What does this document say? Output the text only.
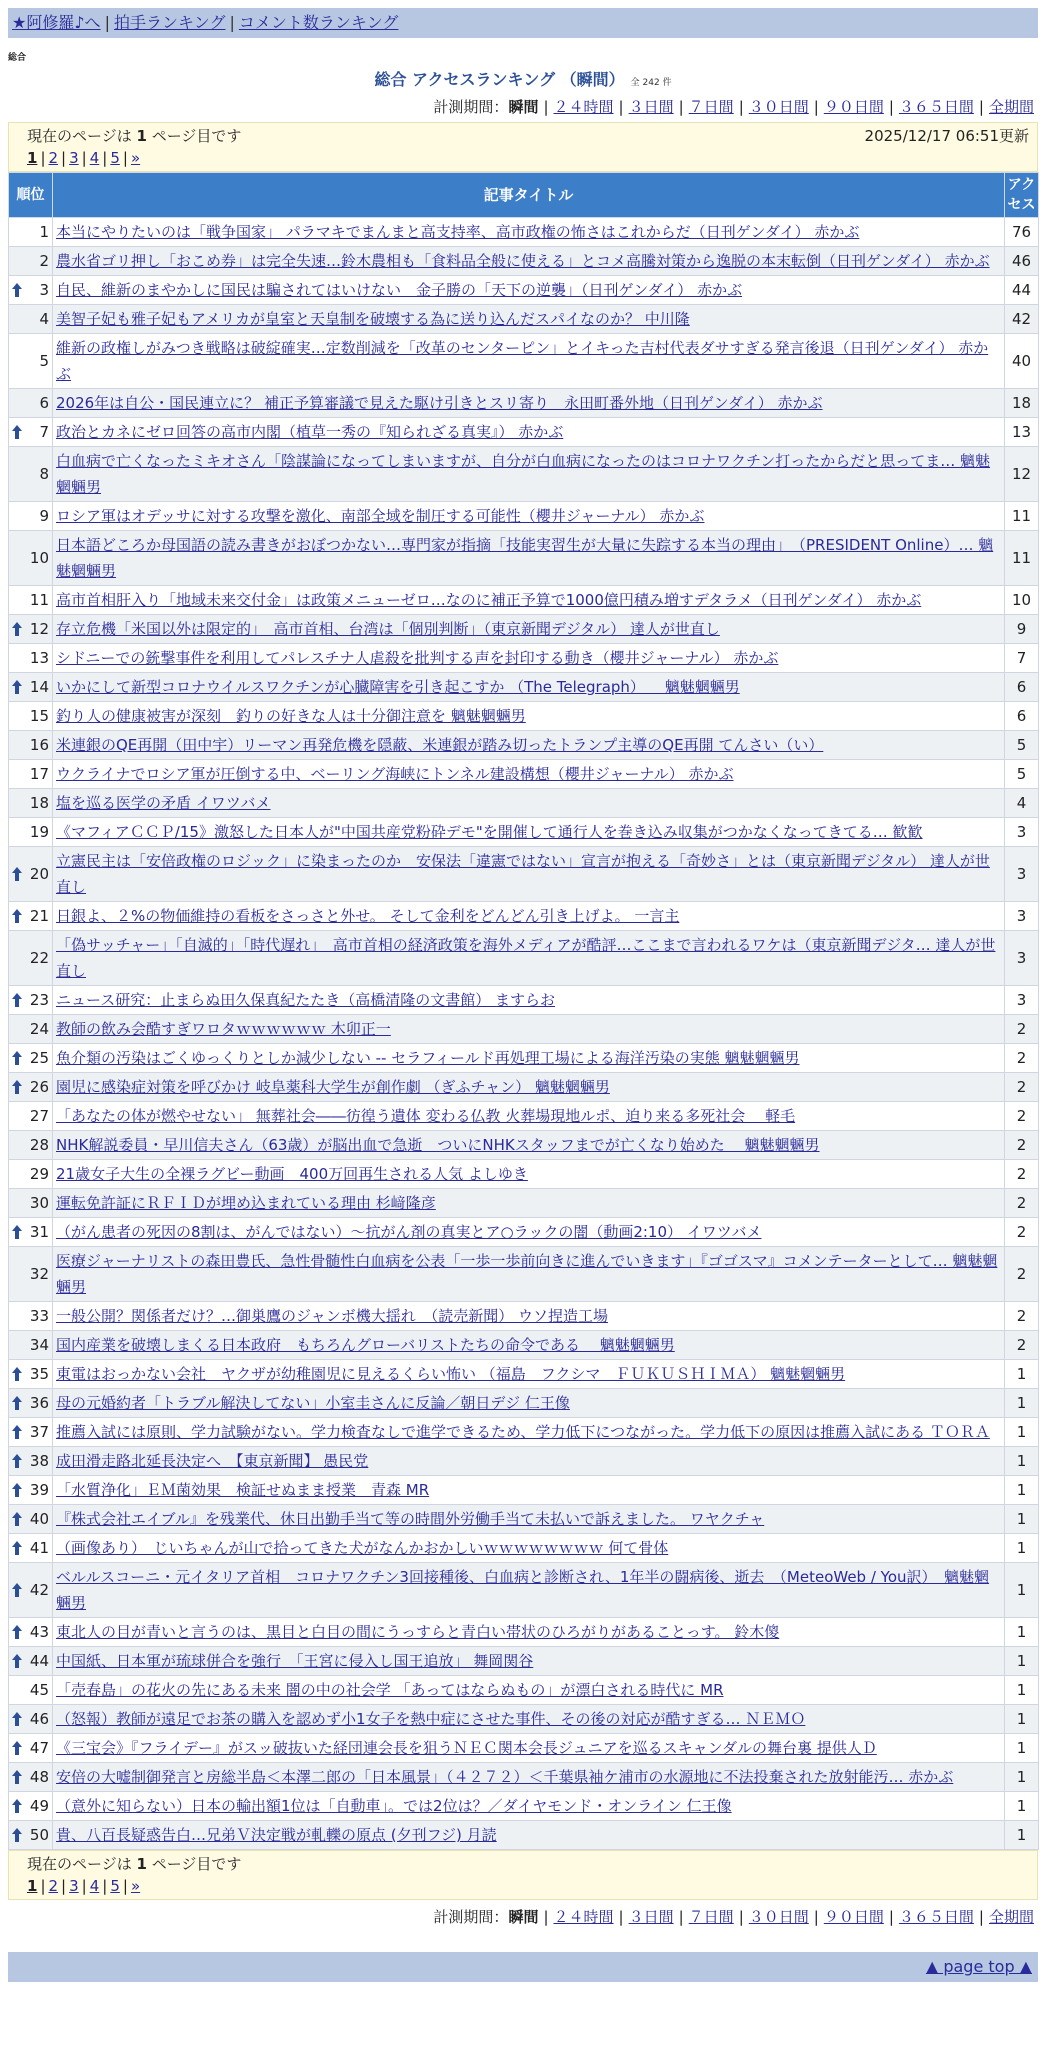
★阿修羅♪へ | 拍手ランキング | コメント数ランキング
総合
総合 アクセスランキング （瞬間） 全 242 件
計測期間：瞬間 | ２４時間 | ３日間 | ７日間 | ３０日間 | ９０日間 | ３６５日間 | 全期間
現在のページは 1 ページ目です	2025/12/17 06:51更新
1 | 2 | 3 | 4 | 5 | »
順位	記事タイトル	アクセス
1	本当にやりたいのは「戦争国家」 パラマキでまんまと高支持率、高市政権の怖さはこれからだ（日刊ゲンダイ） 赤かぶ	76
2	農水省ゴリ押し「おこめ券」は完全失速…鈴木農相も「食料品全般に使える」とコメ高騰対策から逸脱の本末転倒（日刊ゲンダイ） 赤かぶ	46

3	自民、維新のまやかしに国民は騙されてはいけない　金子勝の「天下の逆襲」（日刊ゲンダイ） 赤かぶ	44
4	美智子妃も雅子妃もアメリカが皇室と天皇制を破壊する為に送り込んだスパイなのか？ 中川隆	42
5	維新の政権しがみつき戦略は破綻確実…定数削減を「改革のセンターピン」とイキった吉村代表ダサすぎる発言後退（日刊ゲンダイ） 赤かぶ	40
6	2026年は自公・国民連立に？ 補正予算審議で見えた駆け引きとスリ寄り　永田町番外地（日刊ゲンダイ） 赤かぶ	18

7	政治とカネにゼロ回答の高市内閣（植草一秀の『知られざる真実』） 赤かぶ	13
8	白血病で亡くなったミキオさん「陰謀論になってしまいますが、自分が白血病になったのはコロナワクチン打ったからだと思ってま… 魑魅魍魎男	12
9	ロシア軍はオデッサに対する攻撃を激化、南部全域を制圧する可能性（櫻井ジャーナル） 赤かぶ	11
10	日本語どころか母国語の読み書きがおぼつかない…専門家が指摘「技能実習生が大量に失踪する本当の理由」　（PRESIDENT Online）… 魑魅魍魎男	11
11	高市首相肝入り「地域未来交付金」は政策メニューゼロ…なのに補正予算で1000億円積み増すデタラメ（日刊ゲンダイ） 赤かぶ	10

12	存立危機「米国以外は限定的」　高市首相、台湾は「個別判断」（東京新聞デジタル） 達人が世直し	9
13	シドニーでの銃撃事件を利用してパレスチナ人虐殺を批判する声を封印する動き（櫻井ジャーナル） 赤かぶ	7

14	いかにして新型コロナウイルスワクチンが心臓障害を引き起こすか （The Telegraph） 　魑魅魍魎男	6
15	釣り人の健康被害が深刻　釣りの好きな人は十分御注意を 魑魅魍魎男	6
16	米連銀のQE再開（田中宇）リーマン再発危機を隠蔽、米連銀が踏み切ったトランプ主導のQE再開 てんさい（い）	5
17	ウクライナでロシア軍が圧倒する中、ベーリング海峡にトンネル建設構想（櫻井ジャーナル） 赤かぶ	5
18	塩を巡る医学の矛盾 イワツバメ	4
19	《マフィアＣＣＰ/15》激怒した日本人が"中国共産党粉砕デモ"を開催して通行人を巻き込み収集がつかなくなってきてる… 歓歓	3

20	立憲民主は「安倍政権のロジック」に染まったのか　安保法「違憲ではない」宣言が抱える「奇妙さ」とは（東京新聞デジタル） 達人が世直し	3

21	日銀よ、２%の物価維持の看板をさっさと外せ。 そして金利をどんどん引き上げよ。 一言主	3
22	「偽サッチャー」「自滅的」「時代遅れ」　高市首相の経済政策を海外メディアが酷評…ここまで言われるワケは（東京新聞デジタ… 達人が世直し	3

23	ニュース研究：止まらぬ田久保真紀たたき（高橋清隆の文書館） ますらお	3
24	教師の飲み会酷すぎワロタｗｗｗｗｗｗ 木卯正一	2

25	魚介類の汚染はごくゆっくりとしか減少しない -- セラフィールド再処理工場による海洋汚染の実態 魑魅魍魎男	2

26	園児に感染症対策を呼びかけ 岐阜薬科大学生が創作劇 （ぎふチャン） 魑魅魍魎男	2
27	「あなたの体が燃やせない」 無葬社会――彷徨う遺体 変わる仏教 火葬場現地ルポ、迫り来る多死社会　 軽毛	2
28	NHK解説委員・早川信夫さん（63歳）が脳出血で急逝　ついにNHKスタッフまでが亡くなり始めた　 魑魅魍魎男	2
29	21歳女子大生の全裸ラグビー動画　400万回再生される人気 よしゆき	2
30	運転免許証にＲＦＩＤが埋め込まれている理由 杉﨑隆彦	2

31	（がん患者の死因の8割は、がんではない）～抗がん剤の真実とア○ラックの闇（動画2:10） イワツバメ	2
32	医療ジャーナリストの森田豊氏、急性骨髄性白血病を公表「一歩一歩前向きに進んでいきます」『ゴゴスマ』コメンテーターとして… 魑魅魍魎男	2
33	一般公開？関係者だけ？…御巣鷹のジャンボ機大揺れ　（読売新聞） ウソ捏造工場	2
34	国内産業を破壊しまくる日本政府　もちろんグローバリストたちの命令である　 魑魅魍魎男	2

35	東電はおっかない会社　ヤクザが幼稚園児に見えるくらい怖い （福島　フクシマ　ＦＵＫＵＳＨＩＭＡ） 魑魅魍魎男	1

36	母の元婚約者「トラブル解決してない」小室圭さんに反論／朝日デジ 仁王像	1

37	推薦入試には原則、学力試験がない。学力検査なしで進学できるため、学力低下につながった。学力低下の原因は推薦入試にある ＴＯＲＡ	1

38	成田滑走路北延長決定へ　【東京新聞】 愚民党	1

39	「水質浄化」ＥＭ菌効果　検証せぬまま授業　青森 MR	1

40	『株式会社エイブル』を残業代、休日出勤手当て等の時間外労働手当て未払いで訴えました。 ワヤクチャ	1

41	（画像あり）　じいちゃんが山で拾ってきた犬がなんかおかしいｗｗｗｗｗｗｗｗ 何て骨体	1

42	ベルルスコーニ・元イタリア首相　コロナワクチン3回接種後、白血病と診断され、1年半の闘病後、逝去　（MeteoWeb / You訳）　魑魅魍魎男	1

43	東北人の目が青いと言うのは、黒目と白目の間にうっすらと青白い帯状のひろがりがあることっす。 鈴木傻	1

44	中国紙、日本軍が琉球併合を強行　「王宮に侵入し国王追放」 舞岡関谷	1
45	「売春島」の花火の先にある未来 闇の中の社会学 「あってはならぬもの」が漂白される時代に MR	1

46	（怒報）教師が遠足でお茶の購入を認めず小1女子を熱中症にさせた事件、その後の対応が酷すぎる… ＮＥＭＯ	1

47	《三宝会》『フライデー』がスッ破抜いた経団連会長を狙うＮＥＣ関本会長ジュニアを巡るスキャンダルの舞台裏 提供人Ｄ	1

48	安倍の大嘘制御発言と房総半島＜本澤二郎の「日本風景」（４２７２）＜千葉県袖ケ浦市の水源地に不法投棄された放射能汚… 赤かぶ	1

49	（意外に知らない）日本の輸出額1位は「自動車」。では2位は？／ダイヤモンド・オンライン 仁王像	1

50	貴、八百長疑惑告白…兄弟Ｖ決定戦が軋轢の原点 (夕刊フジ) 月読	1
現在のページは 1 ページ目です
1 | 2 | 3 | 4 | 5 | »
計測期間：瞬間 | ２４時間 | ３日間 | ７日間 | ３０日間 | ９０日間 | ３６５日間 | 全期間
▲ page top ▲
